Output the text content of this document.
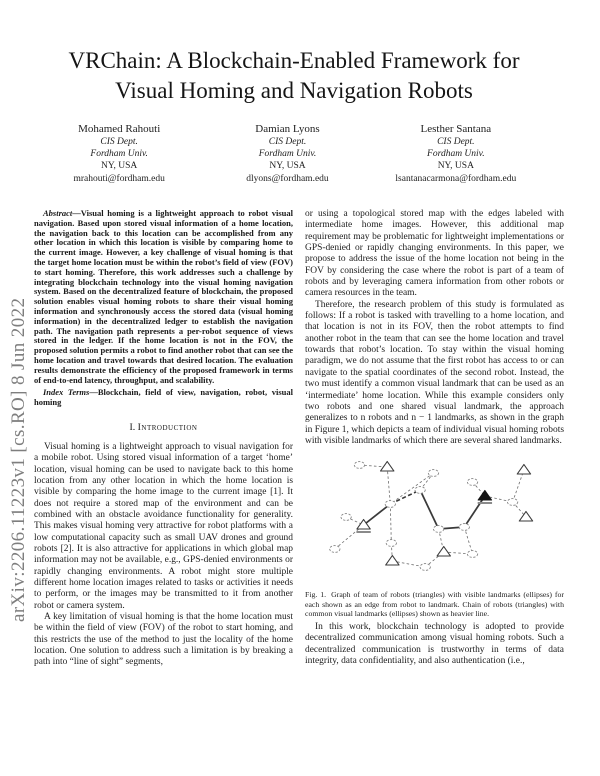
arXiv:2206.11223v1 [cs.RO] 8 Jun 2022
VRChain: A Blockchain-Enabled Framework for
Visual Homing and Navigation Robots
Mohamed Rahouti
CIS Dept.
Fordham Univ.
NY, USA
mrahouti@fordham.edu
Damian Lyons
CIS Dept.
Fordham Univ.
NY, USA
dlyons@fordham.edu
Lesther Santana
CIS Dept.
Fordham Univ.
NY, USA
lsantanacarmona@fordham.edu

Abstract—Visual homing is a lightweight approach to robot visual navigation. Based upon stored visual information of a home location, the navigation back to this location can be accomplished from any other location in which this location is visible by comparing home to the current image. However, a key challenge of visual homing is that the target home location must be within the robot’s field of view (FOV) to start homing. Therefore, this work addresses such a challenge by integrating blockchain technology into the visual homing navigation system. Based on the decentralized feature of blockchain, the proposed solution enables visual homing robots to share their visual homing information and synchronously access the stored data (visual homing information) in the decentralized ledger to establish the navigation path. The navigation path represents a per-robot sequence of views stored in the ledger. If the home location is not in the FOV, the proposed solution permits a robot to find another robot that can see the home location and travel towards that desired location. The evaluation results demonstrate the efficiency of the proposed framework in terms of end-to-end latency, throughput, and scalability.

Index Terms—Blockchain, field of view, navigation, robot, visual homing

I. Introduction

Visual homing is a lightweight approach to visual navigation for a mobile robot. Using stored visual information of a target ‘home’ location, visual homing can be used to navigate back to this home location from any other location in which the home location is visible by comparing the home image to the current image [1]. It does not require a stored map of the environment and can be combined with an obstacle avoidance functionality for generality. This makes visual homing very attractive for robot platforms with a low computational capacity such as small UAV drones and ground robots [2]. It is also attractive for applications in which global map information may not be available, e.g., GPS-denied environments or rapidly changing environments. A robot might store multiple different home location images related to tasks or activities it needs to perform, or the images may be transmitted to it from another robot or camera system.

A key limitation of visual homing is that the home location must be within the field of view (FOV) of the robot to start homing, and this restricts the use of the method to just the locality of the home location. One solution to address such a limitation is by breaking a path into “line of sight” segments,

or using a topological stored map with the edges labeled with intermediate home images. However, this additional map requirement may be problematic for lightweight implementations or GPS-denied or rapidly changing environments. In this paper, we propose to address the issue of the home location not being in the FOV by considering the case where the robot is part of a team of robots and by leveraging camera information from other robots or camera resources in the team.

Therefore, the research problem of this study is formulated as follows: If a robot is tasked with travelling to a home location, and that location is not in its FOV, then the robot attempts to find another robot in the team that can see the home location and travel towards that robot’s location. To stay within the visual homing paradigm, we do not assume that the first robot has access to or can navigate to the spatial coordinates of the second robot. Instead, the two must identify a common visual landmark that can be used as an ‘intermediate’ home location. While this example considers only two robots and one shared visual landmark, the approach generalizes to n robots and n − 1 landmarks, as shown in the graph in Figure 1, which depicts a team of individual visual homing robots with visible landmarks of which there are several shared landmarks.

Fig. 1. Graph of team of robots (triangles) with visible landmarks (ellipses) for each shown as an edge from robot to landmark. Chain of robots (triangles) with common visual landmarks (ellipses) shown as heavier line.

In this work, blockchain technology is adopted to provide decentralized communication among visual homing robots. Such a decentralized communication is trustworthy in terms of data integrity, data confidentiality, and also authentication (i.e.,
